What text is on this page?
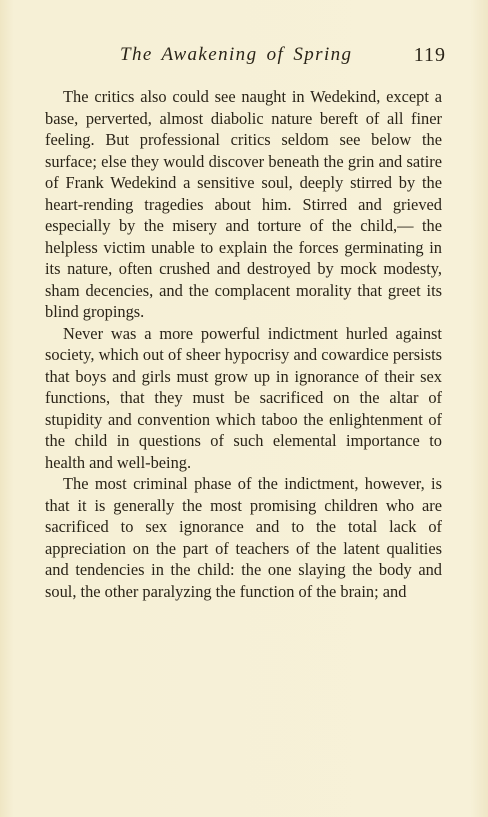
The Awakening of Spring	119

The critics also could see naught in Wedekind, except a base, perverted, almost diabolic nature bereft of all finer feeling. But professional critics seldom see below the surface; else they would discover beneath the grin and satire of Frank Wedekind a sensitive soul, deeply stirred by the heart-rending tragedies about him. Stirred and grieved especially by the misery and torture of the child,— the helpless victim unable to explain the forces germinating in its nature, often crushed and destroyed by mock modesty, sham decencies, and the complacent morality that greet its blind gropings.

Never was a more powerful indictment hurled against society, which out of sheer hypocrisy and cowardice persists that boys and girls must grow up in ignorance of their sex functions, that they must be sacrificed on the altar of stupidity and convention which taboo the enlightenment of the child in questions of such elemental importance to health and well-being.

The most criminal phase of the indictment, however, is that it is generally the most promising children who are sacrificed to sex ignorance and to the total lack of appreciation on the part of teachers of the latent qualities and tendencies in the child: the one slaying the body and soul, the other paralyzing the function of the brain; and
